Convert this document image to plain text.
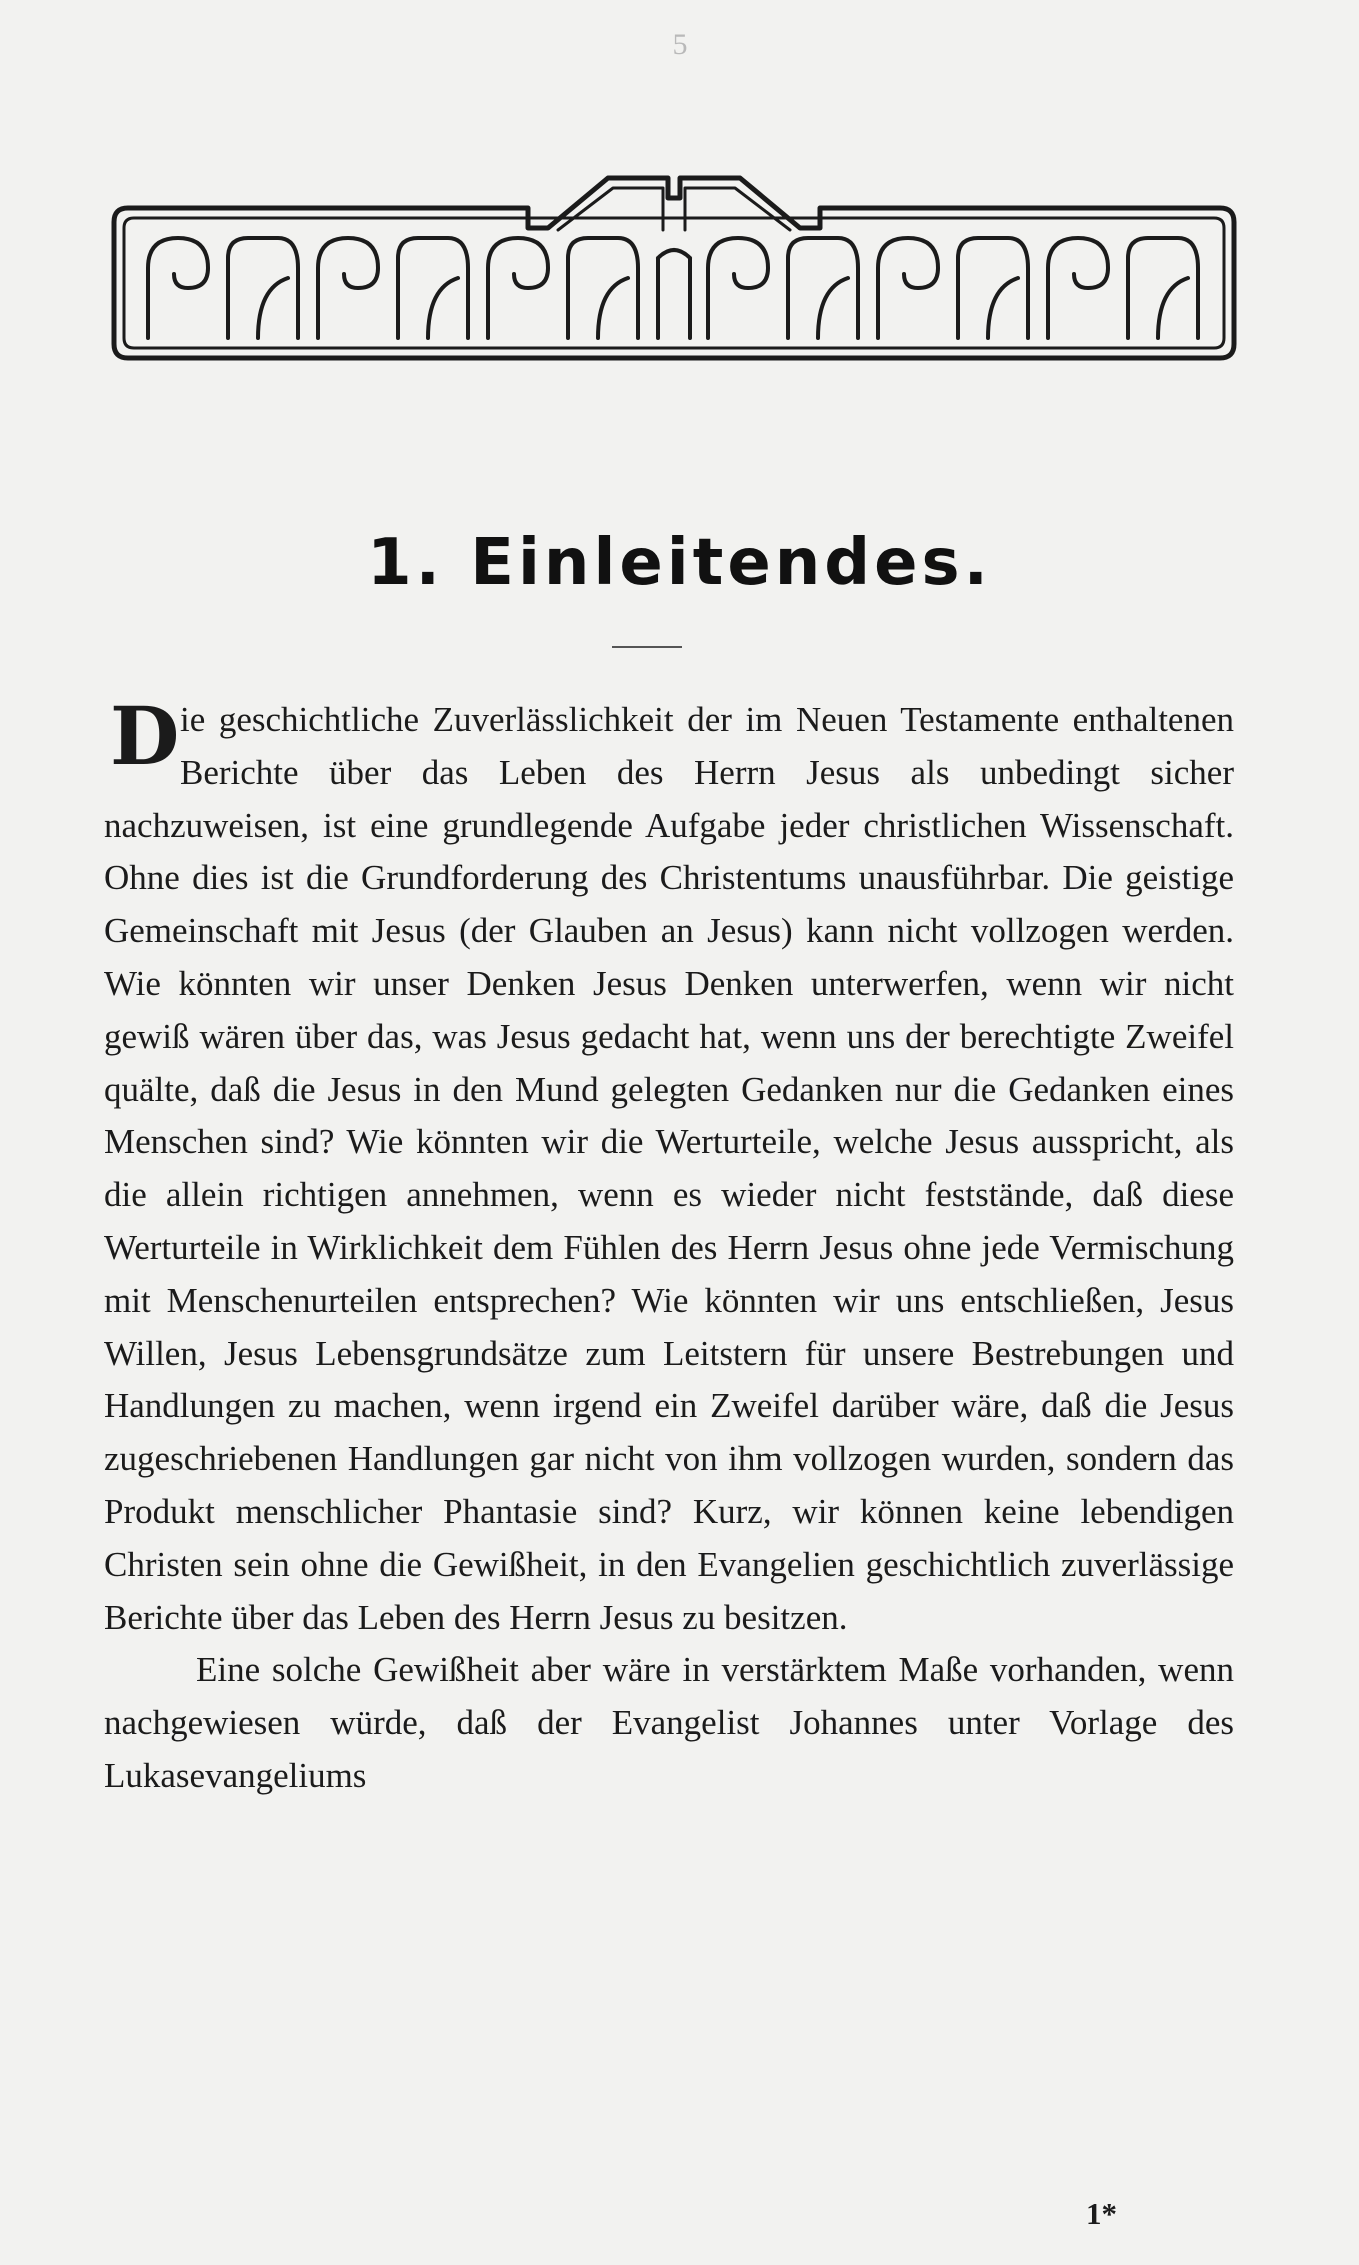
5
1. Einleitendes.

D ie geschichtliche Zuverlässlichkeit der im Neuen Testamente enthaltenen Berichte über das Leben des Herrn Jesus als unbedingt sicher nachzuweisen, ist eine grundlegende Aufgabe jeder christlichen Wissenschaft. Ohne dies ist die Grundforderung des Christentums unausführbar. Die geistige Gemeinschaft mit Jesus (der Glauben an Jesus) kann nicht vollzogen werden. Wie könnten wir unser Denken Jesus Denken unterwerfen, wenn wir nicht gewiß wären über das, was Jesus gedacht hat, wenn uns der berechtigte Zweifel quälte, daß die Jesus in den Mund gelegten Gedanken nur die Gedanken eines Menschen sind? Wie könnten wir die Werturteile, welche Jesus ausspricht, als die allein richtigen annehmen, wenn es wieder nicht feststände, daß diese Werturteile in Wirklichkeit dem Fühlen des Herrn Jesus ohne jede Vermischung mit Menschenurteilen entsprechen? Wie könnten wir uns entschließen, Jesus Willen, Jesus Lebensgrundsätze zum Leitstern für unsere Bestrebungen und Handlungen zu machen, wenn irgend ein Zweifel darüber wäre, daß die Jesus zugeschriebenen Handlungen gar nicht von ihm vollzogen wurden, sondern das Produkt menschlicher Phantasie sind? Kurz, wir können keine lebendigen Christen sein ohne die Gewißheit, in den Evangelien geschichtlich zuverlässige Berichte über das Leben des Herrn Jesus zu besitzen.

Eine solche Gewißheit aber wäre in verstärktem Maße vorhanden, wenn nachgewiesen würde, daß der Evangelist Johannes unter Vorlage des Lukasevangeliums

1*
